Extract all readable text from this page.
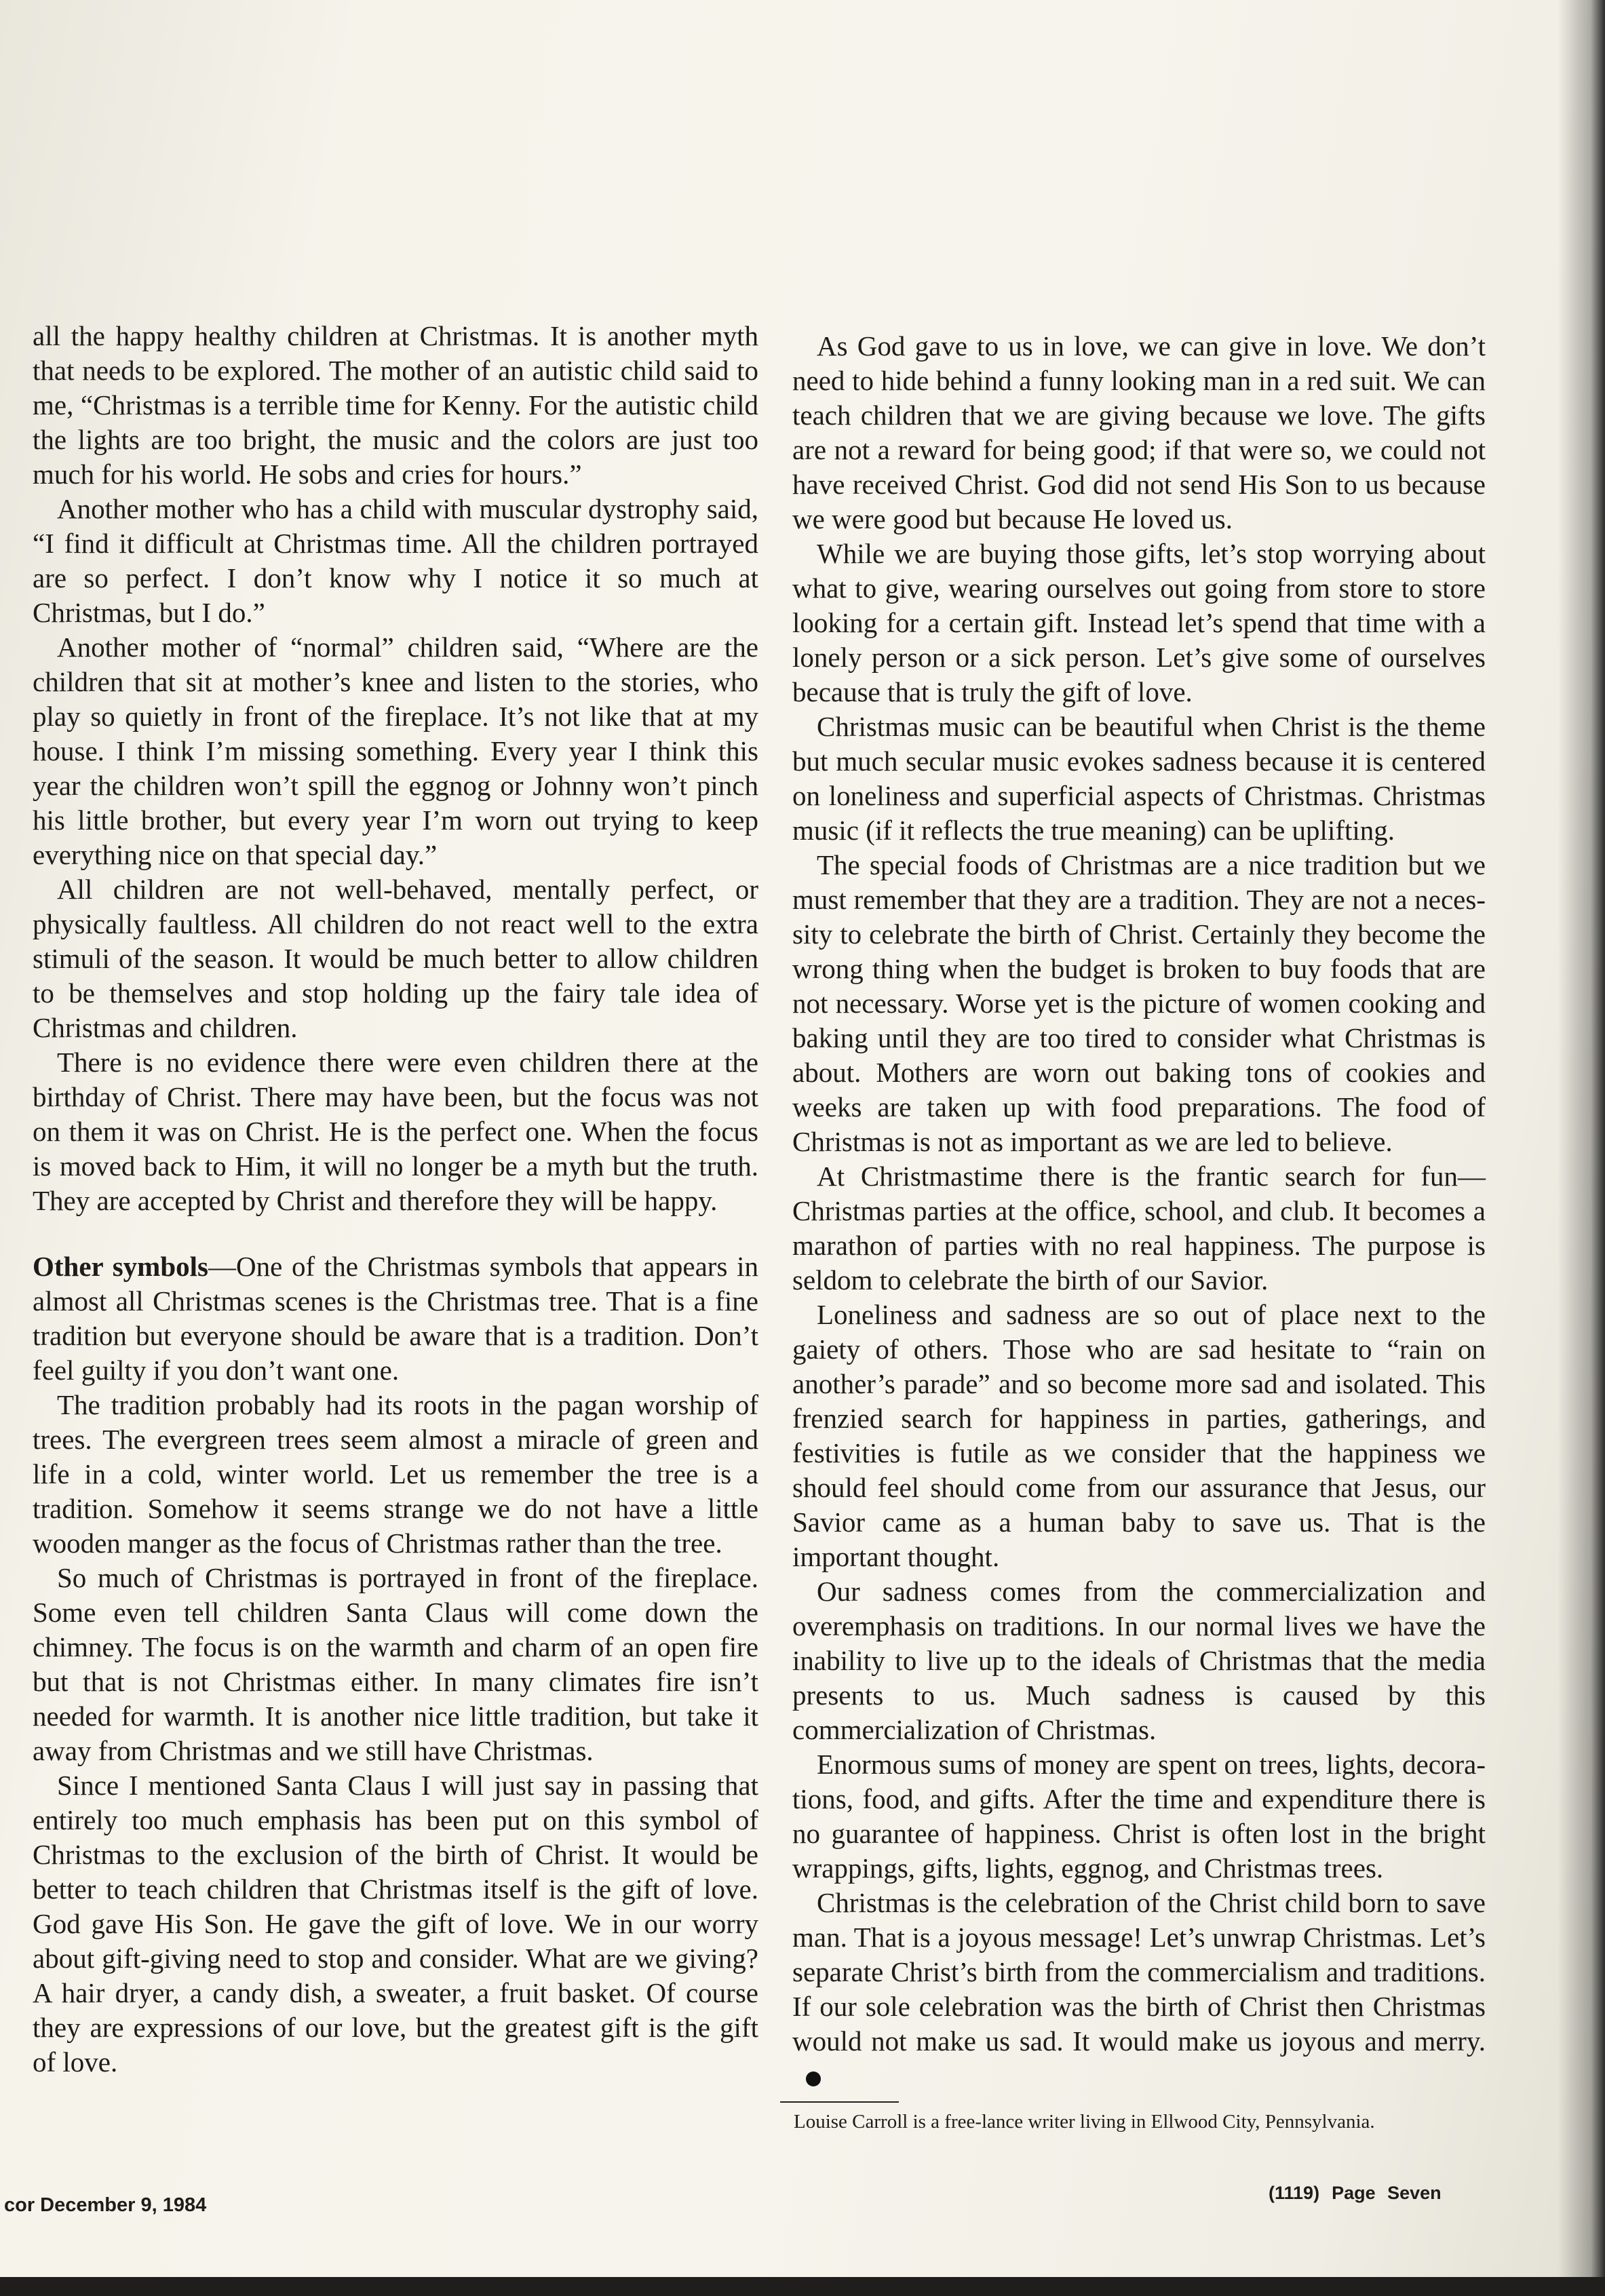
all the happy healthy children at Christmas. It is another myth that needs to be explored. The mother of an autistic child said to me, “Christmas is a terrible time for Kenny. For the autistic child the lights are too bright, the music and the colors are just too much for his world. He sobs and cries for hours.”

Another mother who has a child with muscular dystrophy said, “I find it difficult at Christmas time. All the children portrayed are so perfect. I don’t know why I notice it so much at Christmas, but I do.”

Another mother of “normal” children said, “Where are the children that sit at mother’s knee and listen to the stories, who play so quietly in front of the fireplace. It’s not like that at my house. I think I’m missing something. Every year I think this year the children won’t spill the eggnog or Johnny won’t pinch his little brother, but every year I’m worn out trying to keep everything nice on that special day.”

All children are not well-behaved, mentally perfect, or physically faultless. All children do not react well to the extra stimuli of the season. It would be much better to allow children to be themselves and stop holding up the fairy tale idea of Christmas and children.

There is no evidence there were even children there at the birthday of Christ. There may have been, but the focus was not on them it was on Christ. He is the perfect one. When the focus is moved back to Him, it will no longer be a myth but the truth. They are accepted by Christ and therefore they will be happy.

Other symbols—One of the Christmas symbols that appears in almost all Christmas scenes is the Christmas tree. That is a fine tradition but everyone should be aware that is a tradition. Don’t feel guilty if you don’t want one.

The tradition probably had its roots in the pagan worship of trees. The evergreen trees seem almost a miracle of green and life in a cold, winter world. Let us remember the tree is a tradition. Somehow it seems strange we do not have a little wooden manger as the focus of Christmas rather than the tree.

So much of Christmas is portrayed in front of the fireplace. Some even tell children Santa Claus will come down the chimney. The focus is on the warmth and charm of an open fire but that is not Christmas either. In many climates fire isn’t needed for warmth. It is another nice little tradition, but take it away from Christmas and we still have Christmas.

Since I mentioned Santa Claus I will just say in passing that entirely too much emphasis has been put on this symbol of Christmas to the exclusion of the birth of Christ. It would be better to teach children that Christmas itself is the gift of love. God gave His Son. He gave the gift of love. We in our worry about gift-giving need to stop and consider. What are we giving? A hair dryer, a candy dish, a sweater, a fruit basket. Of course they are expressions of our love, but the greatest gift is the gift of love.

As God gave to us in love, we can give in love. We don’t need to hide behind a funny looking man in a red suit. We can teach children that we are giving because we love. The gifts are not a reward for being good; if that were so, we could not have received Christ. God did not send His Son to us because we were good but because He loved us.

While we are buying those gifts, let’s stop worrying about what to give, wearing ourselves out going from store to store looking for a certain gift. Instead let’s spend that time with a lonely person or a sick person. Let’s give some of ourselves because that is truly the gift of love.

Christmas music can be beautiful when Christ is the theme but much secular music evokes sadness because it is centered on loneliness and superficial aspects of Christmas. Christmas music (if it reflects the true meaning) can be uplifting.

The special foods of Christmas are a nice tradition but we must remember that they are a tradition. They are not a necessity to celebrate the birth of Christ. Certainly they become the wrong thing when the budget is broken to buy foods that are not necessary. Worse yet is the picture of women cooking and baking until they are too tired to consider what Christmas is about. Mothers are worn out baking tons of cookies and weeks are taken up with food preparations. The food of Christmas is not as important as we are led to believe.

At Christmastime there is the frantic search for fun—Christmas parties at the office, school, and club. It becomes a marathon of parties with no real happiness. The purpose is seldom to celebrate the birth of our Savior.

Loneliness and sadness are so out of place next to the gaiety of others. Those who are sad hesitate to “rain on another’s parade” and so become more sad and isolated. This frenzied search for happiness in parties, gatherings, and festivities is futile as we consider that the happiness we should feel should come from our assurance that Jesus, our Savior came as a human baby to save us. That is the important thought.

Our sadness comes from the commercialization and overemphasis on traditions. In our normal lives we have the inability to live up to the ideals of Christmas that the media presents to us. Much sadness is caused by this commercialization of Christmas.

Enormous sums of money are spent on trees, lights, decorations, food, and gifts. After the time and expenditure there is no guarantee of happiness. Christ is often lost in the bright wrappings, gifts, lights, eggnog, and Christmas trees.

Christmas is the celebration of the Christ child born to save man. That is a joyous message! Let’s unwrap Christmas. Let’s separate Christ’s birth from the commercialism and traditions. If our sole celebration was the birth of Christ then Christmas would not make us sad. It would make us joyous and merry.

Louise Carroll is a free-lance writer living in Ellwood City, Pennsylvania.
cor December 9, 1984
(1119) Page Seven
